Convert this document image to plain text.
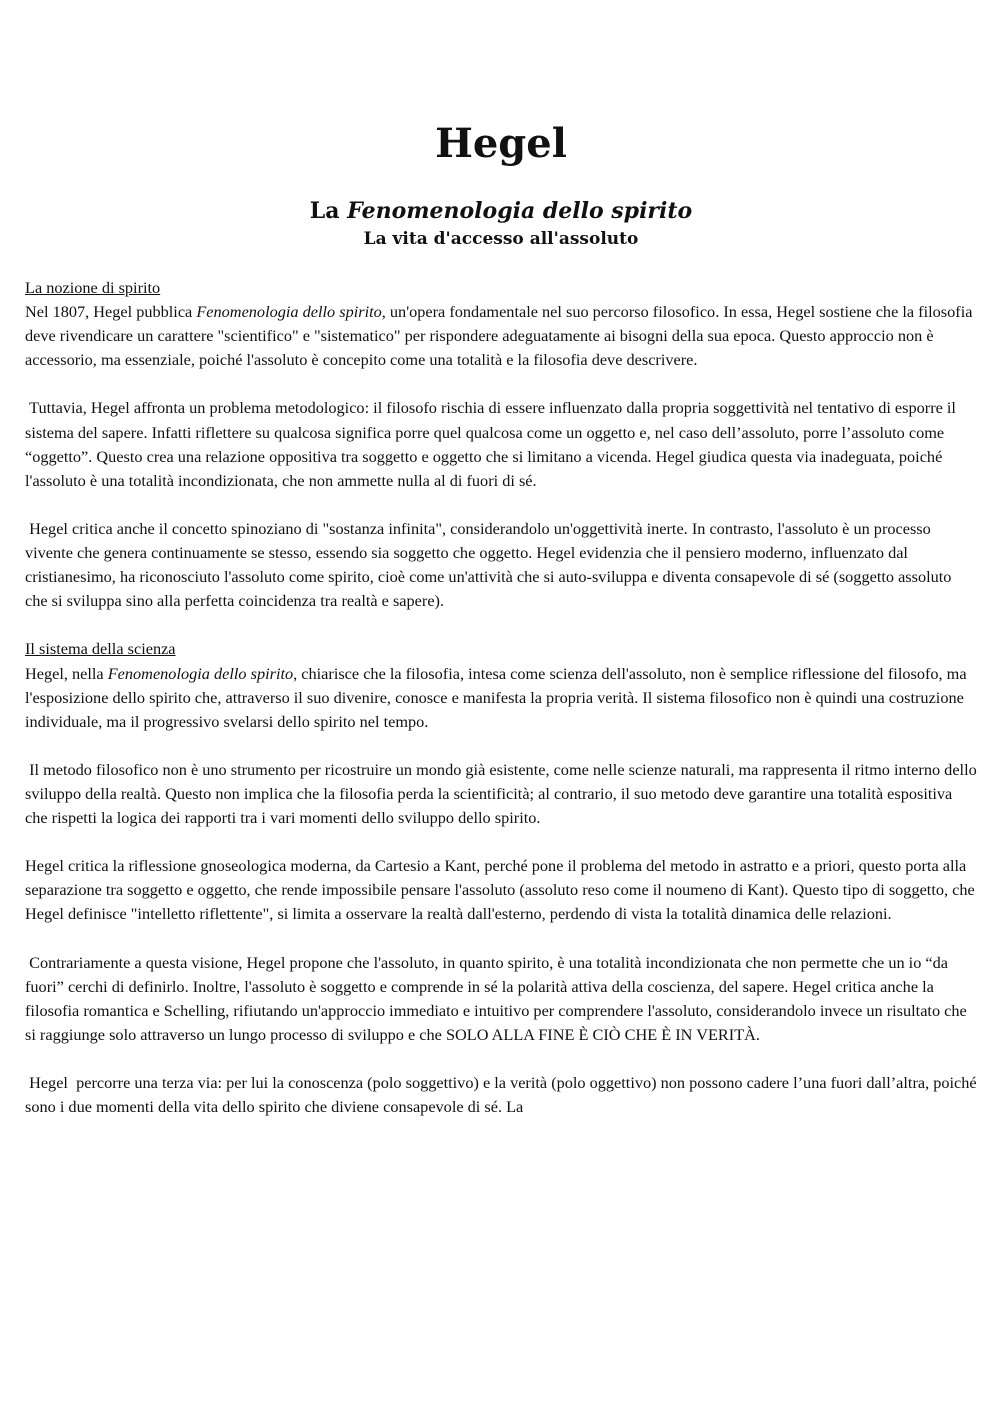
Hegel
La Fenomenologia dello spirito
La vita d'accesso all'assoluto

La nozione di spirito

Nel 1807, Hegel pubblica Fenomenologia dello spirito, un'opera fondamentale nel suo percorso filosofico. In essa, Hegel sostiene che la filosofia deve rivendicare un carattere "scientifico" e "sistematico" per rispondere adeguatamente ai bisogni della sua epoca. Questo approccio non è accessorio, ma essenziale, poiché l'assoluto è concepito come una totalità e la filosofia deve descrivere.

Tuttavia, Hegel affronta un problema metodologico: il filosofo rischia di essere influenzato dalla propria soggettività nel tentativo di esporre il sistema del sapere. Infatti riflettere su qualcosa significa porre quel qualcosa come un oggetto e, nel caso dell’assoluto, porre l’assoluto come “oggetto”. Questo crea una relazione oppositiva tra soggetto e oggetto che si limitano a vicenda. Hegel giudica questa via inadeguata, poiché l'assoluto è una totalità incondizionata, che non ammette nulla al di fuori di sé.

Hegel critica anche il concetto spinoziano di "sostanza infinita", considerandolo un'oggettività inerte. In contrasto, l'assoluto è un processo vivente che genera continuamente se stesso, essendo sia soggetto che oggetto. Hegel evidenzia che il pensiero moderno, influenzato dal cristianesimo, ha riconosciuto l'assoluto come spirito, cioè come un'attività che si auto-sviluppa e diventa consapevole di sé (soggetto assoluto che si sviluppa sino alla perfetta coincidenza tra realtà e sapere).

Il sistema della scienza

Hegel, nella Fenomenologia dello spirito, chiarisce che la filosofia, intesa come scienza dell'assoluto, non è semplice riflessione del filosofo, ma l'esposizione dello spirito che, attraverso il suo divenire, conosce e manifesta la propria verità. Il sistema filosofico non è quindi una costruzione individuale, ma il progressivo svelarsi dello spirito nel tempo.

Il metodo filosofico non è uno strumento per ricostruire un mondo già esistente, come nelle scienze naturali, ma rappresenta il ritmo interno dello sviluppo della realtà. Questo non implica che la filosofia perda la scientificità; al contrario, il suo metodo deve garantire una totalità espositiva che rispetti la logica dei rapporti tra i vari momenti dello sviluppo dello spirito.

Hegel critica la riflessione gnoseologica moderna, da Cartesio a Kant, perché pone il problema del metodo in astratto e a priori, questo porta alla separazione tra soggetto e oggetto, che rende impossibile pensare l'assoluto (assoluto reso come il noumeno di Kant). Questo tipo di soggetto, che Hegel definisce "intelletto riflettente", si limita a osservare la realtà dall'esterno, perdendo di vista la totalità dinamica delle relazioni.

Contrariamente a questa visione, Hegel propone che l'assoluto, in quanto spirito, è una totalità incondizionata che non permette che un io “da fuori” cerchi di definirlo. Inoltre, l'assoluto è soggetto e comprende in sé la polarità attiva della coscienza, del sapere. Hegel critica anche la filosofia romantica e Schelling, rifiutando un'approccio immediato e intuitivo per comprendere l'assoluto, considerandolo invece un risultato che si raggiunge solo attraverso un lungo processo di sviluppo e che SOLO ALLA FINE È CIÒ CHE È IN VERITÀ.

Hegel  percorre una terza via: per lui la conoscenza (polo soggettivo) e la verità (polo oggettivo) non possono cadere l’una fuori dall’altra, poiché sono i due momenti della vita dello spirito che diviene consapevole di sé. La
